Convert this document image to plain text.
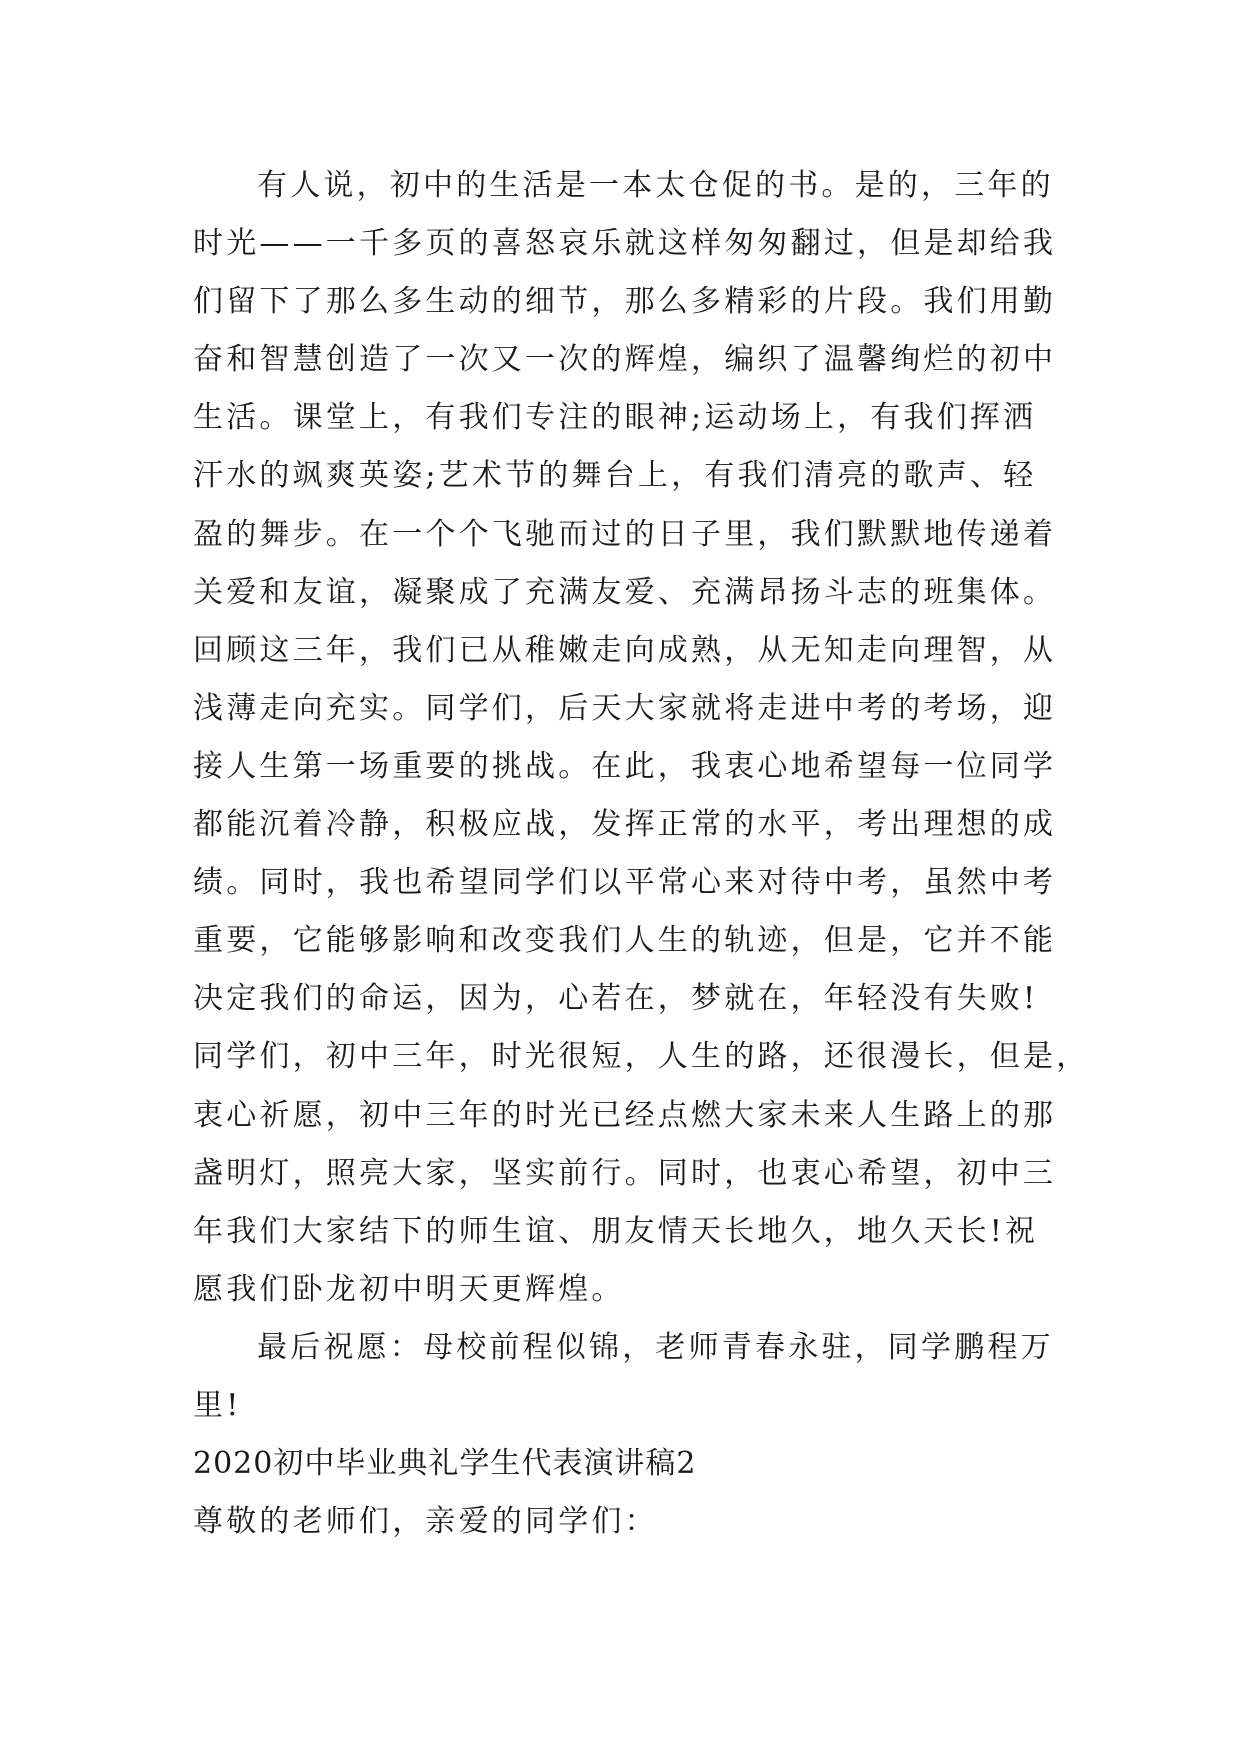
有人说，初中的生活是一本太仓促的书。是的，三年的
时光——一千多页的喜怒哀乐就这样匆匆翻过，但是却给我
们留下了那么多生动的细节，那么多精彩的片段。我们用勤
奋和智慧创造了一次又一次的辉煌，编织了温馨绚烂的初中
生活。课堂上，有我们专注的眼神;运动场上，有我们挥洒
汗水的飒爽英姿;艺术节的舞台上，有我们清亮的歌声、轻
盈的舞步。在一个个飞驰而过的日子里，我们默默地传递着
关爱和友谊，凝聚成了充满友爱、充满昂扬斗志的班集体。
回顾这三年，我们已从稚嫩走向成熟，从无知走向理智，从
浅薄走向充实。同学们，后天大家就将走进中考的考场，迎
接人生第一场重要的挑战。在此，我衷心地希望每一位同学
都能沉着冷静，积极应战，发挥正常的水平，考出理想的成
绩。同时，我也希望同学们以平常心来对待中考，虽然中考
重要，它能够影响和改变我们人生的轨迹，但是，它并不能
决定我们的命运，因为，心若在，梦就在，年轻没有失败!
同学们，初中三年，时光很短，人生的路，还很漫长，但是，
衷心祈愿，初中三年的时光已经点燃大家未来人生路上的那
盏明灯，照亮大家，坚实前行。同时，也衷心希望，初中三
年我们大家结下的师生谊、朋友情天长地久，地久天长!祝
愿我们卧龙初中明天更辉煌。
最后祝愿：母校前程似锦，老师青春永驻，同学鹏程万
里!
2020初中毕业典礼学生代表演讲稿2
尊敬的老师们，亲爱的同学们：
